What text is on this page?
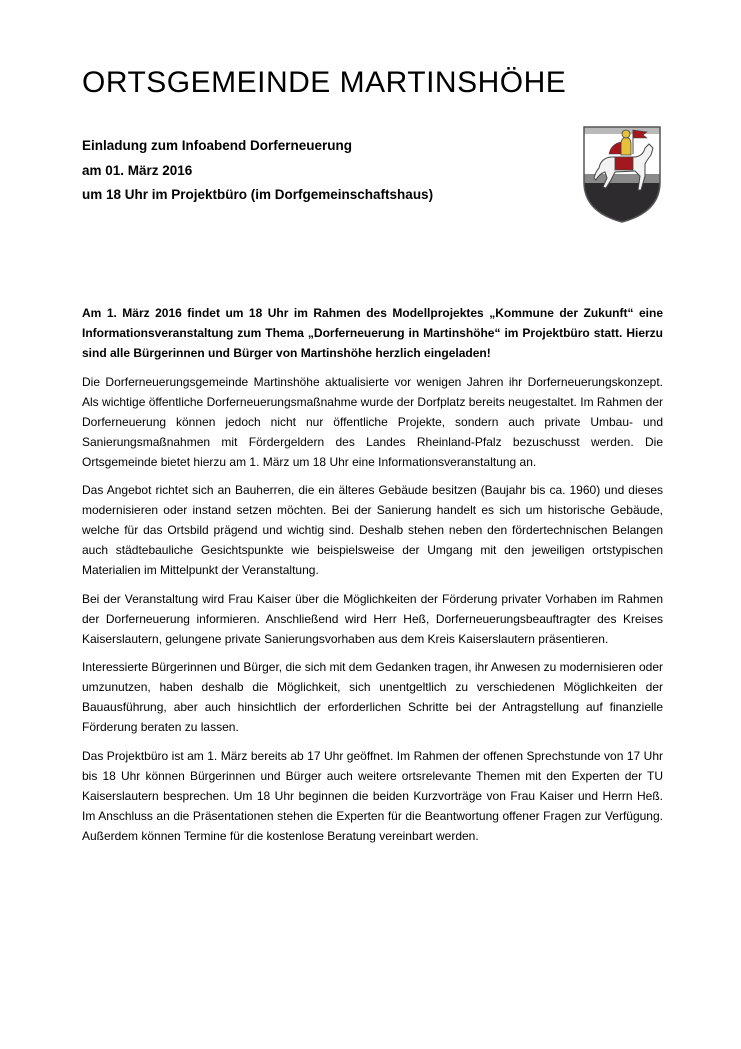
ORTSGEMEINDE MARTINSHÖHE
Einladung zum Infoabend Dorferneuerung
am 01. März 2016
um 18 Uhr im Projektbüro (im Dorfgemeinschaftshaus)

Am 1. März 2016 findet um 18 Uhr im Rahmen des Modellprojektes „Kommune der Zukunft“ eine Informationsveranstaltung zum Thema „Dorferneuerung in Martinshöhe“ im Projektbüro statt. Hierzu sind alle Bürgerinnen und Bürger von Martinshöhe herzlich eingeladen!

Die Dorferneuerungsgemeinde Martinshöhe aktualisierte vor wenigen Jahren ihr Dorferneuerungskonzept. Als wichtige öffentliche Dorferneuerungsmaßnahme wurde der Dorfplatz bereits neugestaltet. Im Rahmen der Dorferneuerung können jedoch nicht nur öffentliche Projekte, sondern auch private Umbau- und Sanierungsmaßnahmen mit Fördergeldern des Landes Rheinland-Pfalz bezuschusst werden. Die Ortsgemeinde bietet hierzu am 1. März um 18 Uhr eine Informationsveranstaltung an.

Das Angebot richtet sich an Bauherren, die ein älteres Gebäude besitzen (Baujahr bis ca. 1960) und dieses modernisieren oder instand setzen möchten. Bei der Sanierung handelt es sich um historische Gebäude, welche für das Ortsbild prägend und wichtig sind. Deshalb stehen neben den fördertechnischen Belangen auch städtebauliche Gesichtspunkte wie beispielsweise der Umgang mit den jeweiligen ortstypischen Materialien im Mittelpunkt der Veranstaltung.

Bei der Veranstaltung wird Frau Kaiser über die Möglichkeiten der Förderung privater Vorhaben im Rahmen der Dorferneuerung informieren. Anschließend wird Herr Heß, Dorferneuerungsbeauftragter des Kreises Kaiserslautern, gelungene private Sanierungsvorhaben aus dem Kreis Kaiserslautern präsentieren.

Interessierte Bürgerinnen und Bürger, die sich mit dem Gedanken tragen, ihr Anwesen zu modernisieren oder umzunutzen, haben deshalb die Möglichkeit, sich unentgeltlich zu verschiedenen Möglichkeiten der Bauausführung, aber auch hinsichtlich der erforderlichen Schritte bei der Antragstellung auf finanzielle Förderung beraten zu lassen.

Das Projektbüro ist am 1. März bereits ab 17 Uhr geöffnet. Im Rahmen der offenen Sprechstunde von 17 Uhr bis 18 Uhr können Bürgerinnen und Bürger auch weitere ortsrelevante Themen mit den Experten der TU Kaiserslautern besprechen. Um 18 Uhr beginnen die beiden Kurzvorträge von Frau Kaiser und Herrn Heß. Im Anschluss an die Präsentationen stehen die Experten für die Beantwortung offener Fragen zur Verfügung. Außerdem können Termine für die kostenlose Beratung vereinbart werden.
